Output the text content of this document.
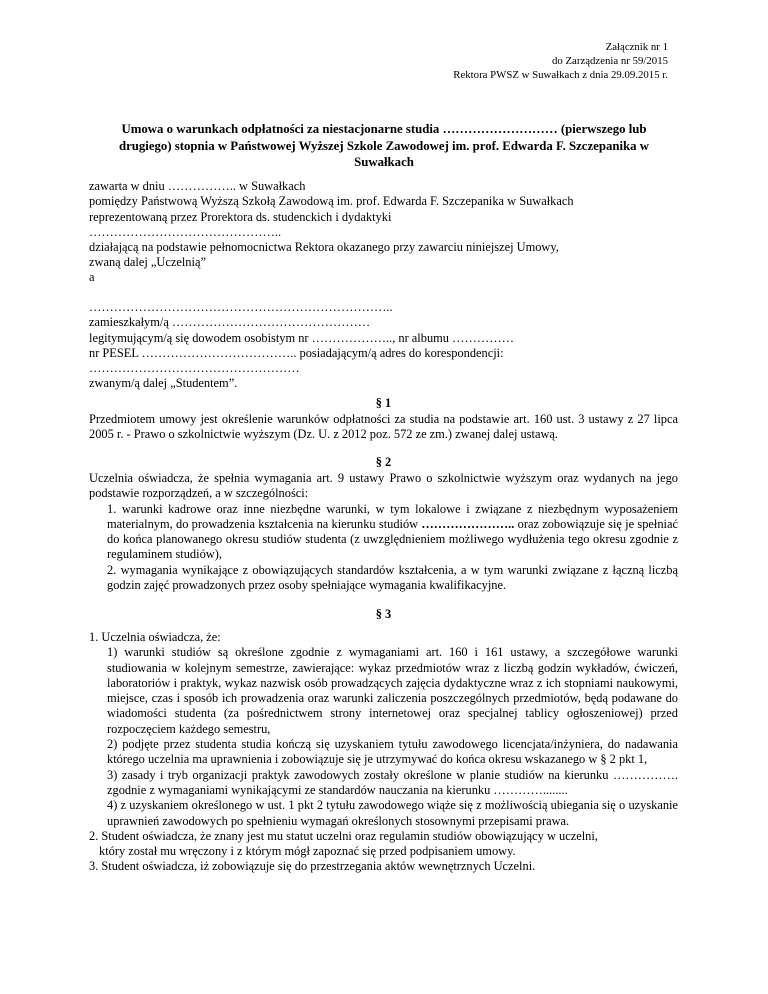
Załącznik nr 1
do Zarządzenia nr 59/2015
Rektora PWSZ w Suwałkach z dnia 29.09.2015 r.
Umowa o warunkach odpłatności za niestacjonarne studia ……………………… (pierwszego lub drugiego) stopnia w Państwowej Wyższej Szkole Zawodowej im. prof. Edwarda F. Szczepanika w Suwałkach
zawarta w dniu …………….. w Suwałkach
pomiędzy Państwową Wyższą Szkołą Zawodową im. prof. Edwarda F. Szczepanika w Suwałkach
reprezentowaną przez Prorektora ds. studenckich i dydaktyki
………………………………………..
działającą na podstawie pełnomocnictwa Rektora okazanego przy zawarciu niniejszej Umowy,
zwaną dalej „Uczelnią”
a
………………………………………………………………..
zamieszkałym/ą …………………………………………
legitymującym/ą się dowodem osobistym nr ……………….., nr albumu ……………
nr PESEL ……………………………….. posiadającym/ą adres do korespondencji:
……………………………………………
zwanym/ą dalej „Studentem”.
§ 1

Przedmiotem umowy jest określenie warunków odpłatności za studia na podstawie art. 160 ust. 3 ustawy z 27 lipca 2005 r. - Prawo o szkolnictwie wyższym (Dz. U. z 2012 poz. 572 ze zm.) zwanej dalej ustawą.

§ 2

Uczelnia oświadcza, że spełnia wymagania art. 9 ustawy Prawo o szkolnictwie wyższym oraz wydanych na jego podstawie rozporządzeń, a w szczególności:

1. warunki kadrowe oraz inne niezbędne warunki, w tym lokalowe i związane z niezbędnym wyposażeniem materialnym, do prowadzenia kształcenia na kierunku studiów ………………….. oraz zobowiązuje się je spełniać do końca planowanego okresu studiów studenta (z uwzględnieniem możliwego wydłużenia tego okresu zgodnie z regulaminem studiów),

2. wymagania wynikające z obowiązujących standardów kształcenia, a w tym warunki związane z łączną liczbą godzin zajęć prowadzonych przez osoby spełniające wymagania kwalifikacyjne.

§ 3

1. Uczelnia oświadcza, że:

1) warunki studiów są określone zgodnie z wymaganiami art. 160 i 161 ustawy, a szczegółowe warunki studiowania w kolejnym semestrze, zawierające: wykaz przedmiotów wraz z liczbą godzin wykładów, ćwiczeń, laboratoriów i praktyk, wykaz nazwisk osób prowadzących zajęcia dydaktyczne wraz z ich stopniami naukowymi, miejsce, czas i sposób ich prowadzenia oraz warunki zaliczenia poszczególnych przedmiotów, będą podawane do wiadomości studenta (za pośrednictwem strony internetowej oraz specjalnej tablicy ogłoszeniowej) przed rozpoczęciem każdego semestru,

2) podjęte przez studenta studia kończą się uzyskaniem tytułu zawodowego licencjata/inżyniera, do nadawania którego uczelnia ma uprawnienia i zobowiązuje się je utrzymywać do końca okresu wskazanego w § 2 pkt 1,

3) zasady i tryb organizacji praktyk zawodowych zostały określone w planie studiów na kierunku ……………. zgodnie z wymaganiami wynikającymi ze standardów nauczania na kierunku …………........

4) z uzyskaniem określonego w ust. 1 pkt 2 tytułu zawodowego wiąże się z możliwością ubiegania się o uzyskanie uprawnień zawodowych po spełnieniu wymagań określonych stosownymi przepisami prawa.

2. Student oświadcza, że znany jest mu statut uczelni oraz regulamin studiów obowiązujący w uczelni,

który został mu wręczony i z którym mógł zapoznać się przed podpisaniem umowy.

3. Student oświadcza, iż zobowiązuje się do przestrzegania aktów wewnętrznych Uczelni.
